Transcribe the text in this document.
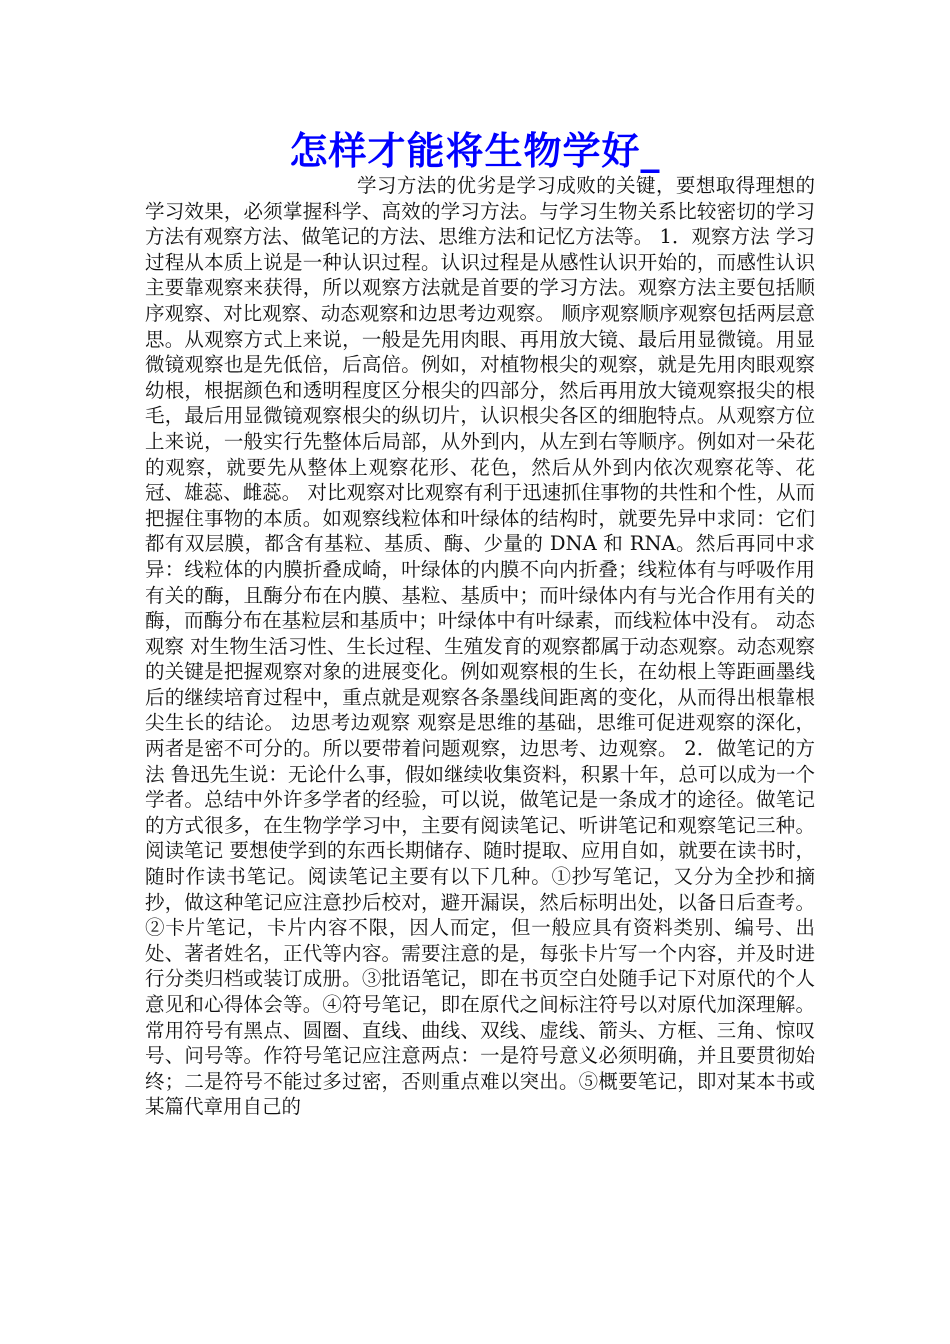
怎样才能将生物学好_

学习方法的优劣是学习成败的关键，要想取得理想的学习效果，必须掌握科学、高效的学习方法。与学习生物关系比较密切的学习方法有观察方法、做笔记的方法、思维方法和记忆方法等。 1．观察方法 学习过程从本质上说是一种认识过程。认识过程是从感性认识开始的，而感性认识主要靠观察来获得，所以观察方法就是首要的学习方法。观察方法主要包括顺序观察、对比观察、动态观察和边思考边观察。 顺序观察顺序观察包括两层意思。从观察方式上来说，一般是先用肉眼、再用放大镜、最后用显微镜。用显微镜观察也是先低倍，后高倍。例如，对植物根尖的观察，就是先用肉眼观察幼根，根据颜色和透明程度区分根尖的四部分，然后再用放大镜观察报尖的根毛，最后用显微镜观察根尖的纵切片，认识根尖各区的细胞特点。从观察方位上来说，一般实行先整体后局部，从外到内，从左到右等顺序。例如对一朵花的观察，就要先从整体上观察花形、花色，然后从外到内依次观察花等、花冠、雄蕊、雌蕊。 对比观察对比观察有利于迅速抓住事物的共性和个性，从而把握住事物的本质。如观察线粒体和叶绿体的结构时，就要先异中求同：它们都有双层膜，都含有基粒、基质、酶、少量的 DNA 和 RNA。然后再同中求异：线粒体的内膜折叠成崎，叶绿体的内膜不向内折叠；线粒体有与呼吸作用有关的酶，且酶分布在内膜、基粒、基质中；而叶绿体内有与光合作用有关的酶，而酶分布在基粒层和基质中；叶绿体中有叶绿素，而线粒体中没有。 动态观察 对生物生活习性、生长过程、生殖发育的观察都属于动态观察。动态观察的关键是把握观察对象的进展变化。例如观察根的生长，在幼根上等距画墨线后的继续培育过程中，重点就是观察各条墨线间距离的变化，从而得出根靠根尖生长的结论。 边思考边观察 观察是思维的基础，思维可促进观察的深化，两者是密不可分的。所以要带着问题观察，边思考、边观察。 2．做笔记的方法 鲁迅先生说：无论什么事，假如继续收集资料，积累十年，总可以成为一个学者。总结中外许多学者的经验，可以说，做笔记是一条成才的途径。做笔记的方式很多，在生物学学习中，主要有阅读笔记、听讲笔记和观察笔记三种。 阅读笔记 要想使学到的东西长期储存、随时提取、应用自如，就要在读书时，随时作读书笔记。阅读笔记主要有以下几种。①抄写笔记，又分为全抄和摘抄，做这种笔记应注意抄后校对，避开漏误，然后标明出处，以备日后查考。②卡片笔记，卡片内容不限，因人而定，但一般应具有资料类别、编号、出处、著者姓名，正代等内容。需要注意的是，每张卡片写一个内容，并及时进行分类归档或装订成册。③批语笔记，即在书页空白处随手记下对原代的个人意见和心得体会等。④符号笔记，即在原代之间标注符号以对原代加深理解。常用符号有黑点、圆圈、直线、曲线、双线、虚线、箭头、方框、三角、惊叹号、问号等。作符号笔记应注意两点：一是符号意义必须明确，并且要贯彻始终；二是符号不能过多过密，否则重点难以突出。⑤概要笔记，即对某本书或某篇代章用自己的
